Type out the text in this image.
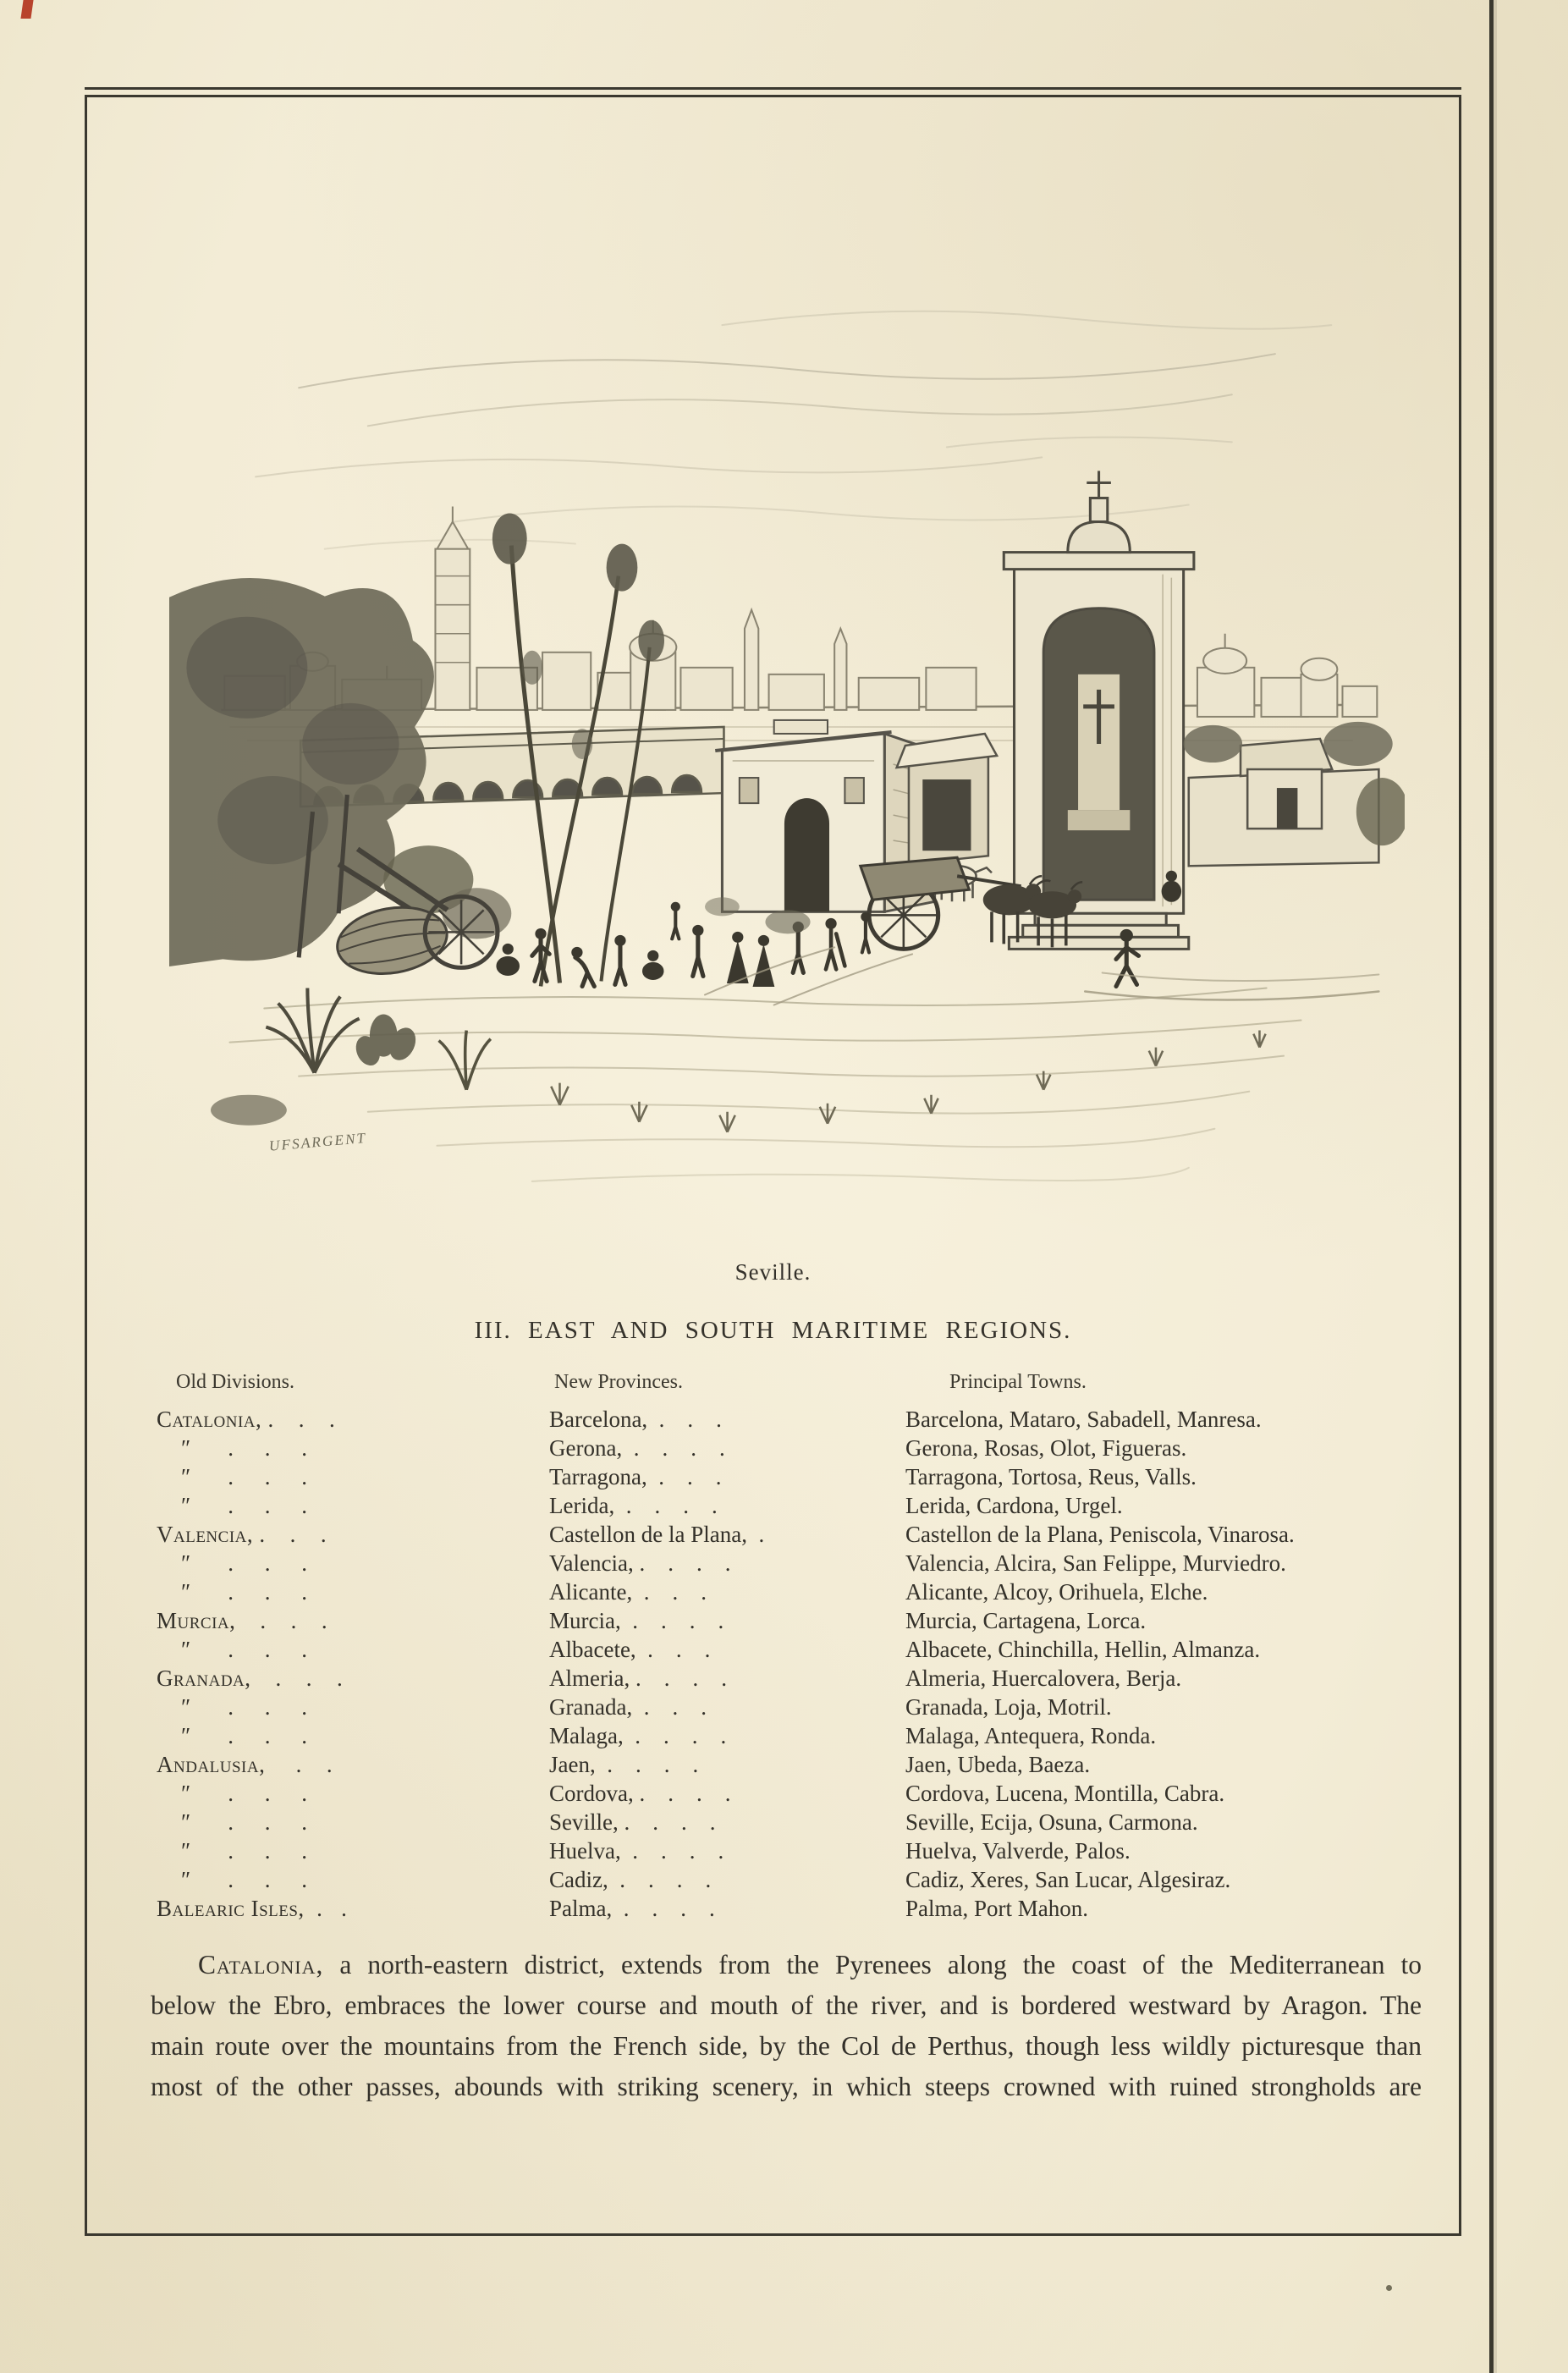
UFSARGENT
Seville.
III. EAST AND SOUTH MARITIME REGIONS.
Old Divisions.	New Provinces.	Principal Towns.
Catalonia, .    .    .	Barcelona,  .    .    .	Barcelona, Mataro, Sabadell, Manresa.
″      .     .     .	Gerona,  .    .    .    .	Gerona, Rosas, Olot, Figueras.
″      .     .     .	Tarragona,  .    .    .	Tarragona, Tortosa, Reus, Valls.
″      .     .     .	Lerida,  .    .    .    .	Lerida, Cardona, Urgel.
Valencia, .    .    .	Castellon de la Plana,  .	Castellon de la Plana, Peniscola, Vinarosa.
″      .     .     .	Valencia, .    .    .    .	Valencia, Alcira, San Felippe, Murviedro.
″      .     .     .	Alicante,  .    .    .	Alicante, Alcoy, Orihuela, Elche.
Murcia,    .    .    .	Murcia,  .    .    .    .	Murcia, Cartagena, Lorca.
″      .     .     .	Albacete,  .    .    .	Albacete, Chinchilla, Hellin, Almanza.
Granada,    .    .    .	Almeria, .    .    .    .	Almeria, Huercalovera, Berja.
″      .     .     .	Granada,  .    .    .	Granada, Loja, Motril.
″      .     .     .	Malaga,  .    .    .    .	Malaga, Antequera, Ronda.
Andalusia,     .    .	Jaen,  .    .    .    .	Jaen, Ubeda, Baeza.
″      .     .     .	Cordova, .    .    .    .	Cordova, Lucena, Montilla, Cabra.
″      .     .     .	Seville, .    .    .    .	Seville, Ecija, Osuna, Carmona.
″      .     .     .	Huelva,  .    .    .    .	Huelva, Valverde, Palos.
″      .     .     .	Cadiz,  .    .    .    .	Cadiz, Xeres, San Lucar, Algesiraz.
Balearic Isles,  .   .	Palma,  .    .    .    .	Palma, Port Mahon.

Catalonia, a north-eastern district, extends from the Pyrenees along the coast of the Mediterranean to below the Ebro, embraces the lower course and mouth of the river, and is bordered westward by Aragon. The main route over the mountains from the French side, by the Col de Perthus, though less wildly picturesque than most of the other passes, abounds with striking scenery, in which steeps crowned with ruined strongholds are
